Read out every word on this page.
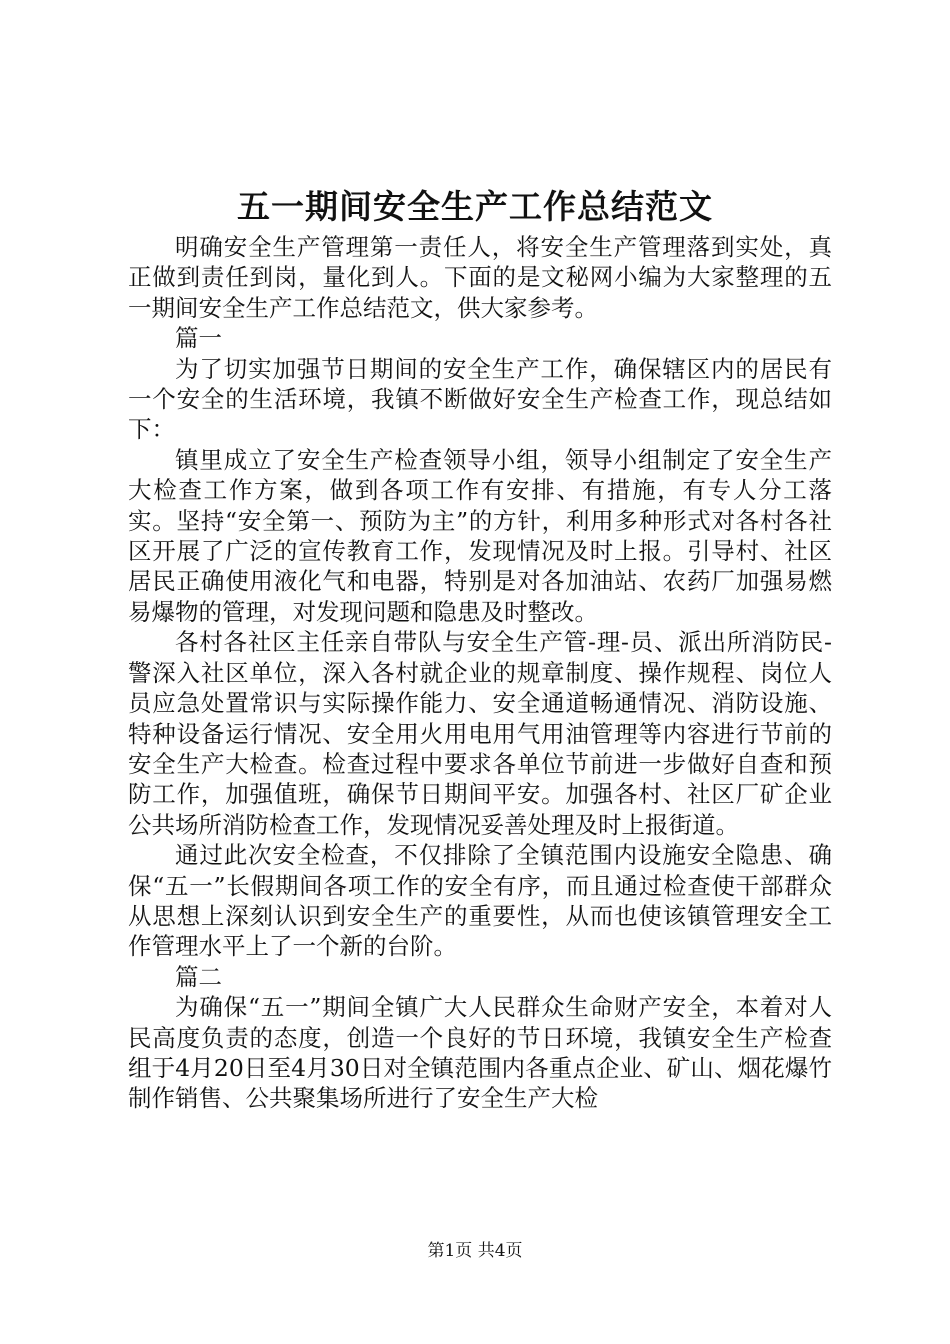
五一期间安全生产工作总结范文

明确安全生产管理第一责任人，将安全生产管理落到实处，真正做到责任到岗，量化到人。下面的是文秘网小编为大家整理的五一期间安全生产工作总结范文，供大家参考。

篇一

为了切实加强节日期间的安全生产工作，确保辖区内的居民有一个安全的生活环境，我镇不断做好安全生产检查工作，现总结如下：

镇里成立了安全生产检查领导小组，领导小组制定了安全生产大检查工作方案，做到各项工作有安排、有措施，有专人分工落实。坚持“安全第一、预防为主”的方针，利用多种形式对各村各社区开展了广泛的宣传教育工作，发现情况及时上报。引导村、社区居民正确使用液化气和电器，特别是对各加油站、农药厂加强易燃易爆物的管理，对发现问题和隐患及时整改。

各村各社区主任亲自带队与安全生产管-理-员、派出所消防民-警深入社区单位，深入各村就企业的规章制度、操作规程、岗位人员应急处置常识与实际操作能力、安全通道畅通情况、消防设施、特种设备运行情况、安全用火用电用气用油管理等内容进行节前的安全生产大检查。检查过程中要求各单位节前进一步做好自查和预防工作，加强值班，确保节日期间平安。加强各村、社区厂矿企业公共场所消防检查工作，发现情况妥善处理及时上报街道。

通过此次安全检查，不仅排除了全镇范围内设施安全隐患、确保“五一”长假期间各项工作的安全有序，而且通过检查使干部群众从思想上深刻认识到安全生产的重要性，从而也使该镇管理安全工作管理水平上了一个新的台阶。

篇二

为确保“五一”期间全镇广大人民群众生命财产安全，本着对人民高度负责的态度，创造一个良好的节日环境，我镇安全生产检查组于4月20日至4月30日对全镇范围内各重点企业、矿山、烟花爆竹制作销售、公共聚集场所进行了安全生产大检

第1页 共4页
